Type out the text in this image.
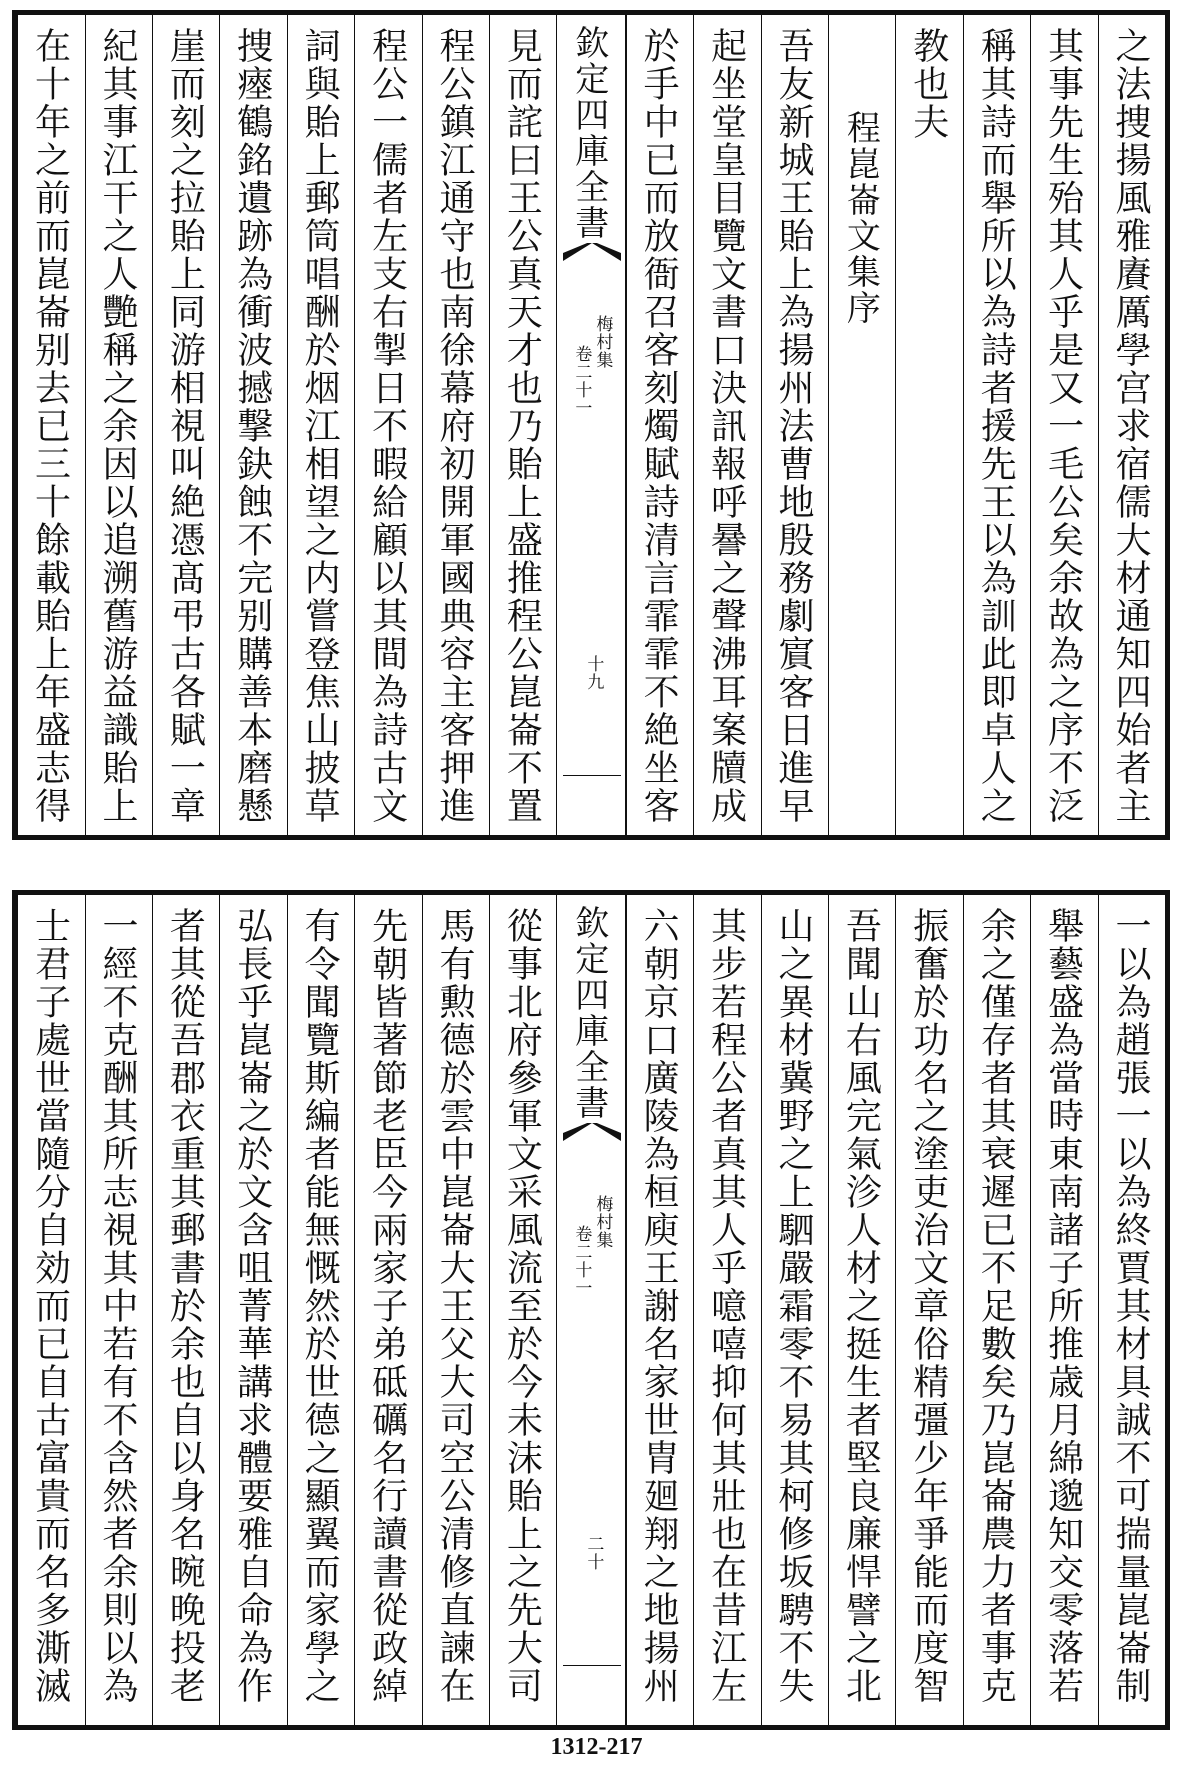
之法捜揚風雅賡厲學宫求宿儒大材通知四始者主
其事先生殆其人乎是又一毛公矣余故為之序不泛
稱其詩而舉所以為詩者援先王以為訓此即卓人之
教也夫
程崑崙文集序
吾友新城王貽上為揚州法曹地殷務劇賔客日進早
起坐堂皇目覽文書口決訊報呼謈之聲沸耳案牘成
於手中已而放衙召客刻燭賦詩清言霏霏不絶坐客
欽定四庫全書
梅村集
卷二十一
十九
見而詫曰王公真天才也乃貽上盛推程公崑崙不置
程公鎮江通守也南徐幕府初開軍國典容主客押進
程公一儒者左支右掣日不暇給顧以其間為詩古文
詞與貽上郵筒唱酬於烟江相望之内嘗登焦山披草
捜瘞鶴銘遺跡為衝波撼撃鈌蝕不完别購善本磨懸
崖而刻之拉貽上同游相視叫絶憑髙弔古各賦一章
紀其事江干之人艷稱之余因以追溯舊游益識貽上
在十年之前而崑崙别去已三十餘載貽上年盛志得
一以為趙張一以為終賈其材具誠不可揣量崑崙制
舉藝盛為當時東南諸子所推歳月綿邈知交零落若
余之僅存者其衰遲已不足數矣乃崑崙農力者事克
振奮於功名之塗吏治文章俗精彊少年爭能而度智
吾聞山右風完氣沴人材之挺生者堅良廉悍譬之北
山之異材冀野之上駟嚴霜零不易其柯修坂騁不失
其步若程公者真其人乎噫嘻抑何其壯也在昔江左
六朝京口廣陵為桓庾王謝名家世胄廻翔之地揚州
欽定四庫全書
梅村集
卷二十一
二十
從事北府參軍文采風流至於今未沫貽上之先大司
馬有勲德於雲中崑崙大王父大司空公清修直諫在
先朝皆著節老臣今兩家子弟砥礪名行讀書從政綽
有令聞覽斯編者能無慨然於世德之顯翼而家學之
弘長乎崑崙之於文含咀菁華講求體要雅自命為作
者其從吾郡衣重其郵書於余也自以身名晼晚投老
一經不克酬其所志視其中若有不含然者余則以為
士君子處世當隨分自効而已自古富貴而名多澌滅
1312-217
